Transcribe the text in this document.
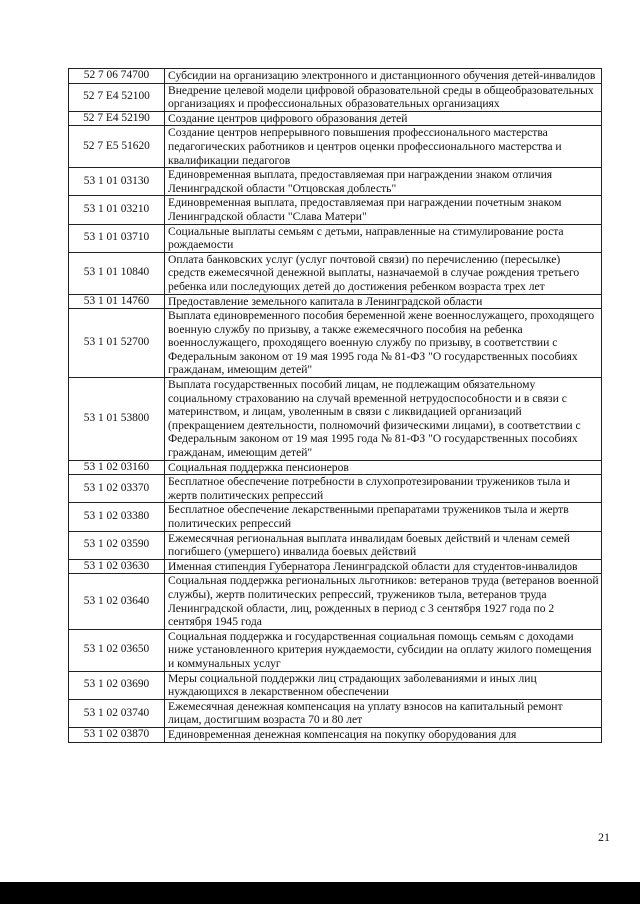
52 7 06 74700	Субсидии на организацию электронного и дистанционного обучения детей-инвалидов
52 7 E4 52100	Внедрение целевой модели цифровой образовательной среды в общеобразовательных организациях и профессиональных образовательных организациях
52 7 E4 52190	Создание центров цифрового образования детей
52 7 E5 51620	Создание центров непрерывного повышения профессионального мастерства педагогических работников и центров оценки профессионального мастерства и квалификации педагогов
53 1 01 03130	Единовременная выплата, предоставляемая при награждении знаком отличия Ленинградской области "Отцовская доблесть"
53 1 01 03210	Единовременная выплата, предоставляемая при награждении почетным знаком Ленинградской области "Слава Матери"
53 1 01 03710	Социальные выплаты семьям с детьми, направленные на стимулирование роста рождаемости
53 1 01 10840	Оплата банковских услуг (услуг почтовой связи) по перечислению (пересылке) средств ежемесячной денежной выплаты, назначаемой в случае рождения третьего ребенка или последующих детей до достижения ребенком возраста трех лет
53 1 01 14760	Предоставление земельного капитала в Ленинградской области
53 1 01 52700	Выплата единовременного пособия беременной жене военнослужащего, проходящего военную службу по призыву, а также ежемесячного пособия на ребенка военнослужащего, проходящего военную службу по призыву, в соответствии с Федеральным законом от 19 мая 1995 года № 81-ФЗ "О государственных пособиях гражданам, имеющим детей"
53 1 01 53800	Выплата государственных пособий лицам, не подлежащим обязательному социальному страхованию на случай временной нетрудоспособности и в связи с материнством, и лицам, уволенным в связи с ликвидацией организаций (прекращением деятельности, полномочий физическими лицами), в соответствии с Федеральным законом от 19 мая 1995 года № 81-ФЗ "О государственных пособиях гражданам, имеющим детей"
53 1 02 03160	Социальная поддержка пенсионеров
53 1 02 03370	Бесплатное обеспечение потребности в слухопротезировании тружеников тыла и жертв политических репрессий
53 1 02 03380	Бесплатное обеспечение лекарственными препаратами тружеников тыла и жертв политических репрессий
53 1 02 03590	Ежемесячная региональная выплата инвалидам боевых действий и членам семей погибшего (умершего) инвалида боевых действий
53 1 02 03630	Именная стипендия Губернатора Ленинградской области для студентов-инвалидов
53 1 02 03640	Социальная поддержка региональных льготников: ветеранов труда (ветеранов военной службы), жертв политических репрессий, тружеников тыла, ветеранов труда Ленинградской области, лиц, рожденных в период с 3 сентября 1927 года по 2 сентября 1945 года
53 1 02 03650	Социальная поддержка и государственная социальная помощь семьям с доходами ниже установленного критерия нуждаемости, субсидии на оплату жилого помещения и коммунальных услуг
53 1 02 03690	Меры социальной поддержки лиц страдающих заболеваниями и иных лиц нуждающихся в лекарственном обеспечении
53 1 02 03740	Ежемесячная денежная компенсация на уплату взносов на капитальный ремонт лицам, достигшим возраста 70 и 80 лет
53 1 02 03870	Единовременная денежная компенсация на покупку оборудования для
21
